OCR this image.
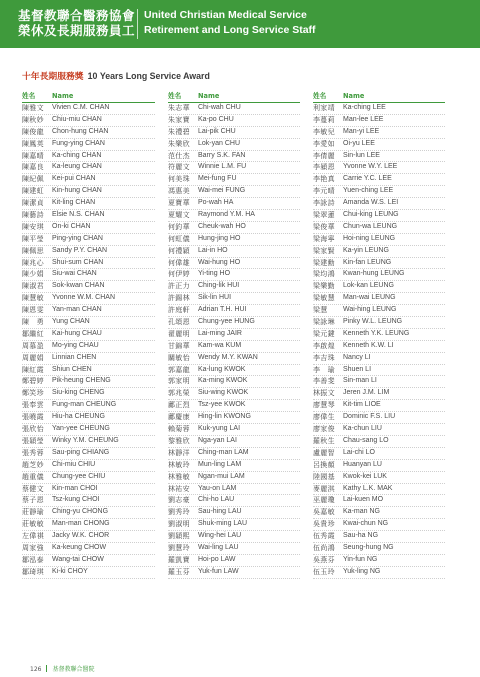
基督教聯合醫務協會
榮休及長期服務員工
United Christian Medical Service
Retirement and Long Service Staff
十年長期服務獎 10 Years Long Service Award
姓名	Name
陳雅文 Vivien C.M. CHAN
陳秋妙 Chiu-miu CHAN
陳俊龍 Chon-hung CHAN
陳鳳英 Fung-ying CHAN
陳嘉晴 Ka-ching CHAN
陳嘉良 Ka-leung CHAN
陳紀佩 Kei-pui CHAN
陳建虹 Kin-hung CHAN
陳潔貞 Kit-ling CHAN
陳藝詩 Elsie N.S. CHAN
陳安琪 On-ki CHAN
陳平瑩 Ping-ying CHAN
陳佩思 Sandy P.Y. CHAN
陳兆心 Shui-sum CHAN
陳少娟 Siu-wai CHAN
陳淑君 Sok-kwan CHAN
陳慧敏 Yvonne W.M. CHAN
陳恩雯 Yan-man CHAN
陳　勇 Yung CHAN
鄒繼紅 Kai-hung CHAU
周慕盈 Mo-ying CHAU
周麗娟 Linnian CHEN
陳紅霞 Shiun CHEN
鄭碧婷 Pik-heung CHENG
鄭笑珍 Siu-king CHENG
張奉雲 Fung-man CHEUNG
張曉霞 Hiu-ha CHEUNG
張欣怡 Yan-yee CHEUNG
張穎瑩 Winky Y.M. CHEUNG
張秀蓉 Sau-ping CHIANG
趙芝妙 Chi-miu CHIU
趙重儀 Chung-yee CHIU
蔡健文 Kin-man CHOI
蔡子恩 Tsz-kung CHOI
莊靜瑜 Ching-yu CHONG
莊敏敏 Man-man CHONG
左偉祺 Jacky W.K. CHOR
周家強 Ka-keung CHOW
鄒泓泰 Wang-tai CHOW
鄒琦琪 Ki-ki CHOY
姓名	Name
朱志華 Chi-wah CHU
朱家寶 Ka-po CHU
朱禮碧 Lai-pik CHU
朱樂欣 Lok-yan CHU
范仕杰 Barry S.K. FAN
符麗文 Winnie L.M. FU
何美珠 Mei-fung FU
馮惠美 Wai-mei FUNG
夏寶華 Po-wah HA
夏耀文 Raymond Y.M. HA
何釣華 Cheuk-wah HO
何虹儀 Hung-jing HO
何禮穎 Lai-in HO
何偉雄 Wai-hung HO
何伊婷 Yi-ting HO
許正力 Ching-lik HUI
許錫林 Sik-lin HUI
許庭軒 Adrian T.H. HUI
孔頌恩 Chung-yee HUNG
翟麗明 Lai-ming JAIR
甘錦華 Kam-wa KUM
關敏怡 Wendy M.Y. KWAN
郭嘉龍 Ka-lung KWOK
郭家明 Ka-ming KWOK
郭兆榮 Siu-wing KWOK
鄺正烈 Tsz-yee KWOK
鄺慶康 Hing-lin KWONG
賴菊蓉 Kuk-yung LAI
黎雅欣 Nga-yan LAI
林靜洋 Ching-man LAM
林敏玲 Mun-ling LAM
林雅敏 Ngan-mui LAM
林祐安 Yau-on LAM
劉志豪 Chi-ho LAU
劉秀玲 Sau-hing LAU
劉淑明 Shuk-ming LAU
劉穎熙 Wing-hei LAU
劉慧玲 Wai-ling LAU
羅凱寶 Hoi-po LAW
羅玉芬 Yuk-fun LAW
姓名	Name
利家靖 Ka-ching LEE
李蔓莉 Man-lee LEE
李敏兒 Man-yi LEE
李愛如 Oi-yu LEE
李倩麗 Sin-lun LEE
李潁恩 Yvonne W.Y. LEE
李艳真 Carrie Y.C. LEE
李元晴 Yuen-ching LEE
李詠詩 Amanda W.S. LEI
梁翠蓮 Chui-king LEUNG
梁俊華 Chun-wa LEUNG
梁海寧 Hoi-ning LEUNG
梁家賢 Ka-yin LEUNG
梁建勳 Kin-fan LEUNG
梁均鴻 Kwan-hung LEUNG
梁樂勤 Lok-kan LEUNG
梁敏慧 Man-wai LEUNG
梁慧 Wai-hing LEUNG
梁詠琳 Pinky W.L. LEUNG
梁元鍵 Kenneth Y.K. LEUNG
李啟煌 Kenneth K.W. LI
李吉珠 Nancy LI
李　瑜 Shuen LI
李善斐 Sin-man LI
林振文 Jeren J.M. LIM
廖慧琴 Kit-tim LIOE
廖偉生 Dominic F.S. LIU
廖家俊 Ka-chun LIU
羅秋生 Chau-sang LO
盧麗智 Lai-chi LO
呂換顏 Huanyan LU
陸國基 Kwok-kei LUK
麥麗淇 Kathy L.K. MAK
巫麗瓊 Lai-kuen MO
吳嘉敏 Ka-man NG
吳貴珍 Kwai-chun NG
伍秀霞 Sau-ha NG
伍尚鴻 Seung-hung NG
吳燕芬 Yin-fun NG
伍玉玲 Yuk-ling NG
126 基督教聯合醫院
